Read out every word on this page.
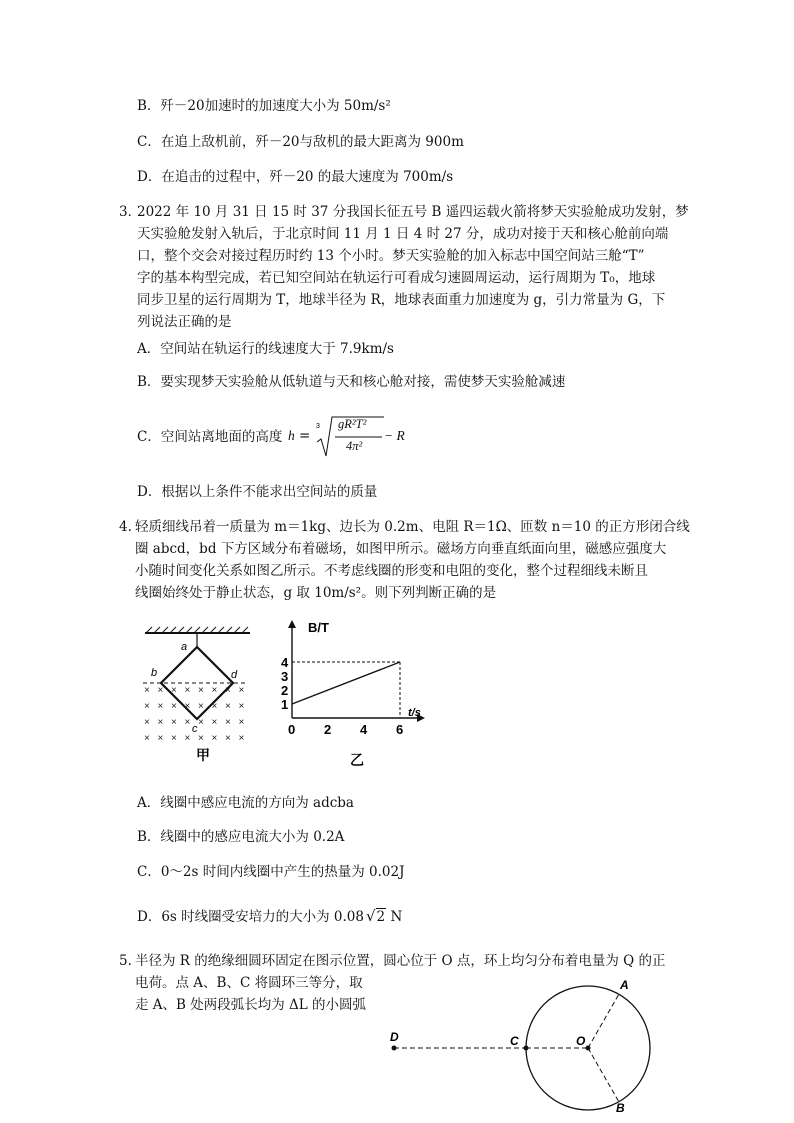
B．歼－20加速时的加速度大小为 50m/s²
C．在追上敌机前，歼－20与敌机的最大距离为 900m
D．在追击的过程中，歼－20 的最大速度为 700m/s
3．
2022 年 10 月 31 日 15 时 37 分我国长征五号 B 遥四运载火箭将梦天实验舱成功发射，梦
天实验舱发射入轨后，于北京时间 11 月 1 日 4 时 27 分，成功对接于天和核心舱前向端
口，整个交会对接过程历时约 13 个小时。梦天实验舱的加入标志中国空间站三舱“T”
字的基本构型完成，若已知空间站在轨运行可看成匀速圆周运动，运行周期为 T₀，地球
同步卫星的运行周期为 T，地球半径为 R，地球表面重力加速度为 g，引力常量为 G，下
列说法正确的是
A．空间站在轨运行的线速度大于 7.9km/s
B．要实现梦天实验舱从低轨道与天和核心舱对接，需使梦天实验舱减速
C．空间站离地面的高度 h =
3 gR²T²
4π²
− R
D．根据以上条件不能求出空间站的质量
4. 轻质细线吊着一质量为 m＝1kg、边长为 0.2m、电阻 R＝1Ω、匝数 n＝10 的正方形闭合线
圈 abcd，bd 下方区域分布着磁场，如图甲所示。磁场方向垂直纸面向里，磁感应强度大
小随时间变化关系如图乙所示。不考虑线圈的形变和电阻的变化，整个过程细线未断且
线圈始终处于静止状态，g 取 10m/s²。则下列判断正确的是
a
b	d
c
× × × × × × × ×
× × × × × × × ×
× × × × × × × ×
× × × × × × × ×
甲
B/T
t/s
0 2 4 6
1
2
3
4
乙
A．线圈中感应电流的方向为 adcba
B．线圈中的感应电流大小为 0.2A
C．0～2s 时间内线圈中产生的热量为 0.02J
D．6s 时线圈受安培力的大小为 0.08 √2 N
5. 半径为 R 的绝缘细圆环固定在图示位置，圆心位于 O 点，环上均匀分布着电量为 Q 的正
电荷。点 A、B、C 将圆环三等分，取
走 A、B 处两段弧长均为 ΔL 的小圆弧
D	C	O
A
B
